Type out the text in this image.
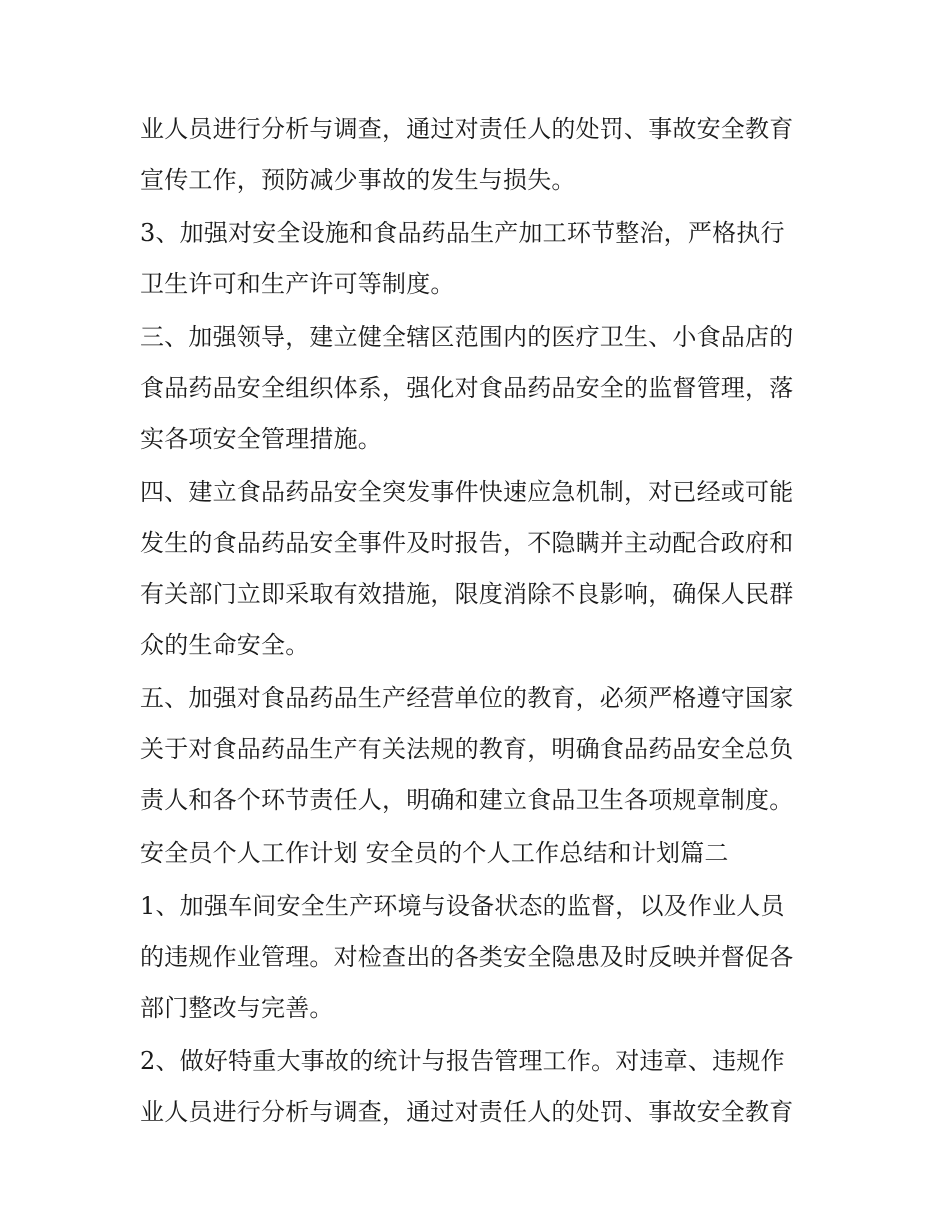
业人员进行分析与调查，通过对责任人的处罚、事故安全教育
宣传工作，预防减少事故的发生与损失。

3、加强对安全设施和食品药品生产加工环节整治，严格执行
卫生许可和生产许可等制度。

三、加强领导，建立健全辖区范围内的医疗卫生、小食品店的
食品药品安全组织体系，强化对食品药品安全的监督管理，落
实各项安全管理措施。

四、建立食品药品安全突发事件快速应急机制，对已经或可能
发生的食品药品安全事件及时报告，不隐瞒并主动配合政府和
有关部门立即采取有效措施，限度消除不良影响，确保人民群
众的生命安全。

五、加强对食品药品生产经营单位的教育，必须严格遵守国家
关于对食品药品生产有关法规的教育，明确食品药品安全总负
责人和各个环节责任人，明确和建立食品卫生各项规章制度。

安全员个人工作计划 安全员的个人工作总结和计划篇二

1、加强车间安全生产环境与设备状态的监督，以及作业人员
的违规作业管理。对检查出的各类安全隐患及时反映并督促各
部门整改与完善。

2、做好特重大事故的统计与报告管理工作。对违章、违规作
业人员进行分析与调查，通过对责任人的处罚、事故安全教育
